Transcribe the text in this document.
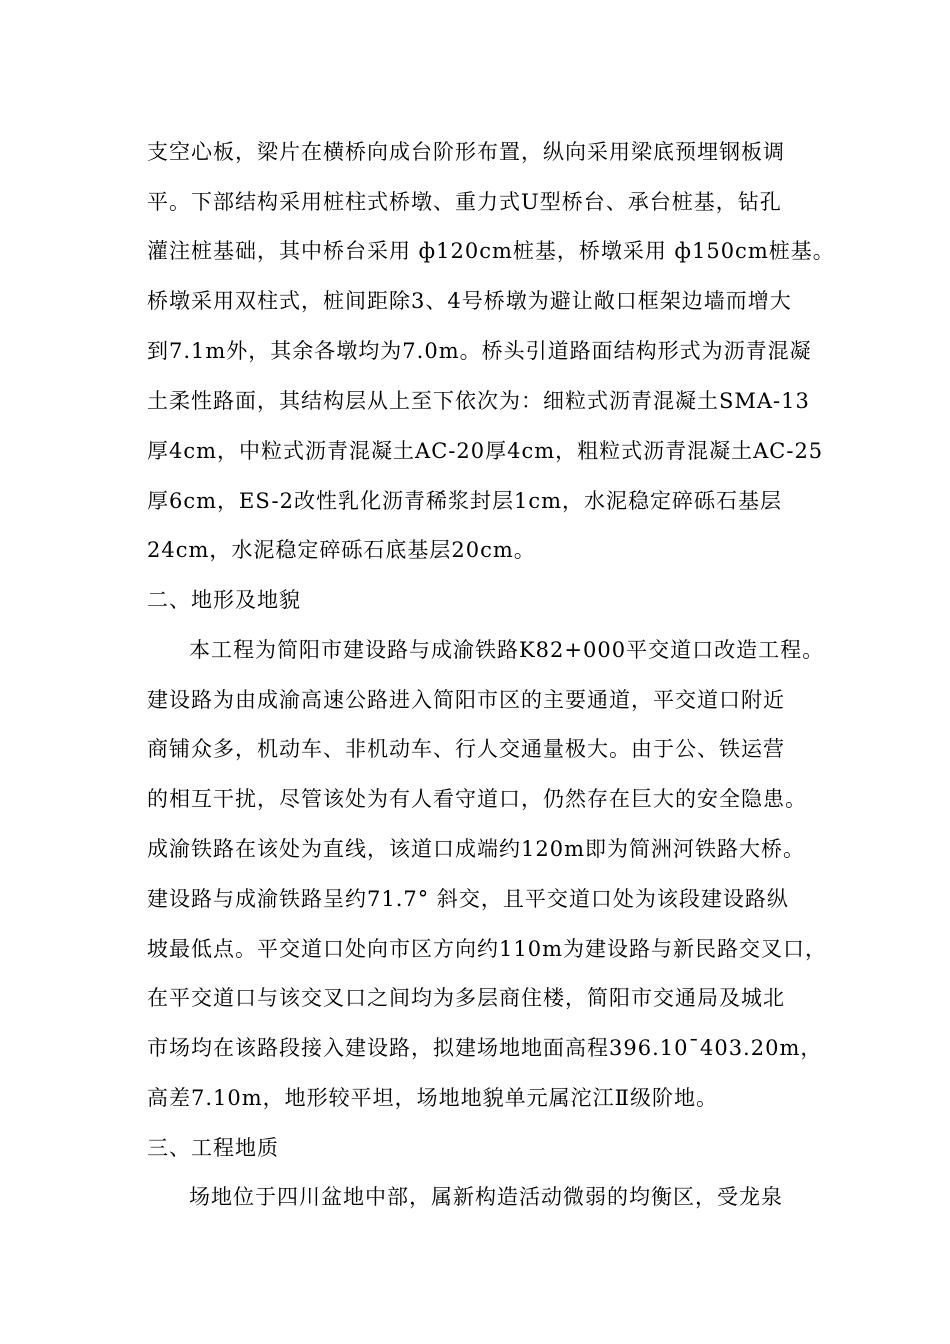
支空心板，梁片在横桥向成台阶形布置，纵向采用梁底预埋钢板调
平。下部结构采用桩柱式桥墩、重力式U型桥台、承台桩基，钻孔
灌注桩基础，其中桥台采用 ф120cm桩基，桥墩采用 ф150cm桩基。
桥墩采用双柱式，桩间距除3、4号桥墩为避让敞口框架边墙而增大
到7.1m外，其余各墩均为7.0m。桥头引道路面结构形式为沥青混凝
土柔性路面，其结构层从上至下依次为：细粒式沥青混凝土SMA-13
厚4cm，中粒式沥青混凝土AC-20厚4cm，粗粒式沥青混凝土AC-25
厚6cm，ES-2改性乳化沥青稀浆封层1cm，水泥稳定碎砾石基层
24cm，水泥稳定碎砾石底基层20cm。
二、地形及地貌
本工程为简阳市建设路与成渝铁路K82+000平交道口改造工程。
建设路为由成渝高速公路进入简阳市区的主要通道，平交道口附近
商铺众多，机动车、非机动车、行人交通量极大。由于公、铁运营
的相互干扰，尽管该处为有人看守道口，仍然存在巨大的安全隐患。
成渝铁路在该处为直线，该道口成端约120m即为简洲河铁路大桥。
建设路与成渝铁路呈约71.7° 斜交，且平交道口处为该段建设路纵
坡最低点。平交道口处向市区方向约110m为建设路与新民路交叉口，
在平交道口与该交叉口之间均为多层商住楼，简阳市交通局及城北
市场均在该路段接入建设路，拟建场地地面高程396.10¯403.20m，
高差7.10m，地形较平坦，场地地貌单元属沱江Ⅱ级阶地。
三、工程地质
场地位于四川盆地中部，属新构造活动微弱的均衡区，受龙泉
